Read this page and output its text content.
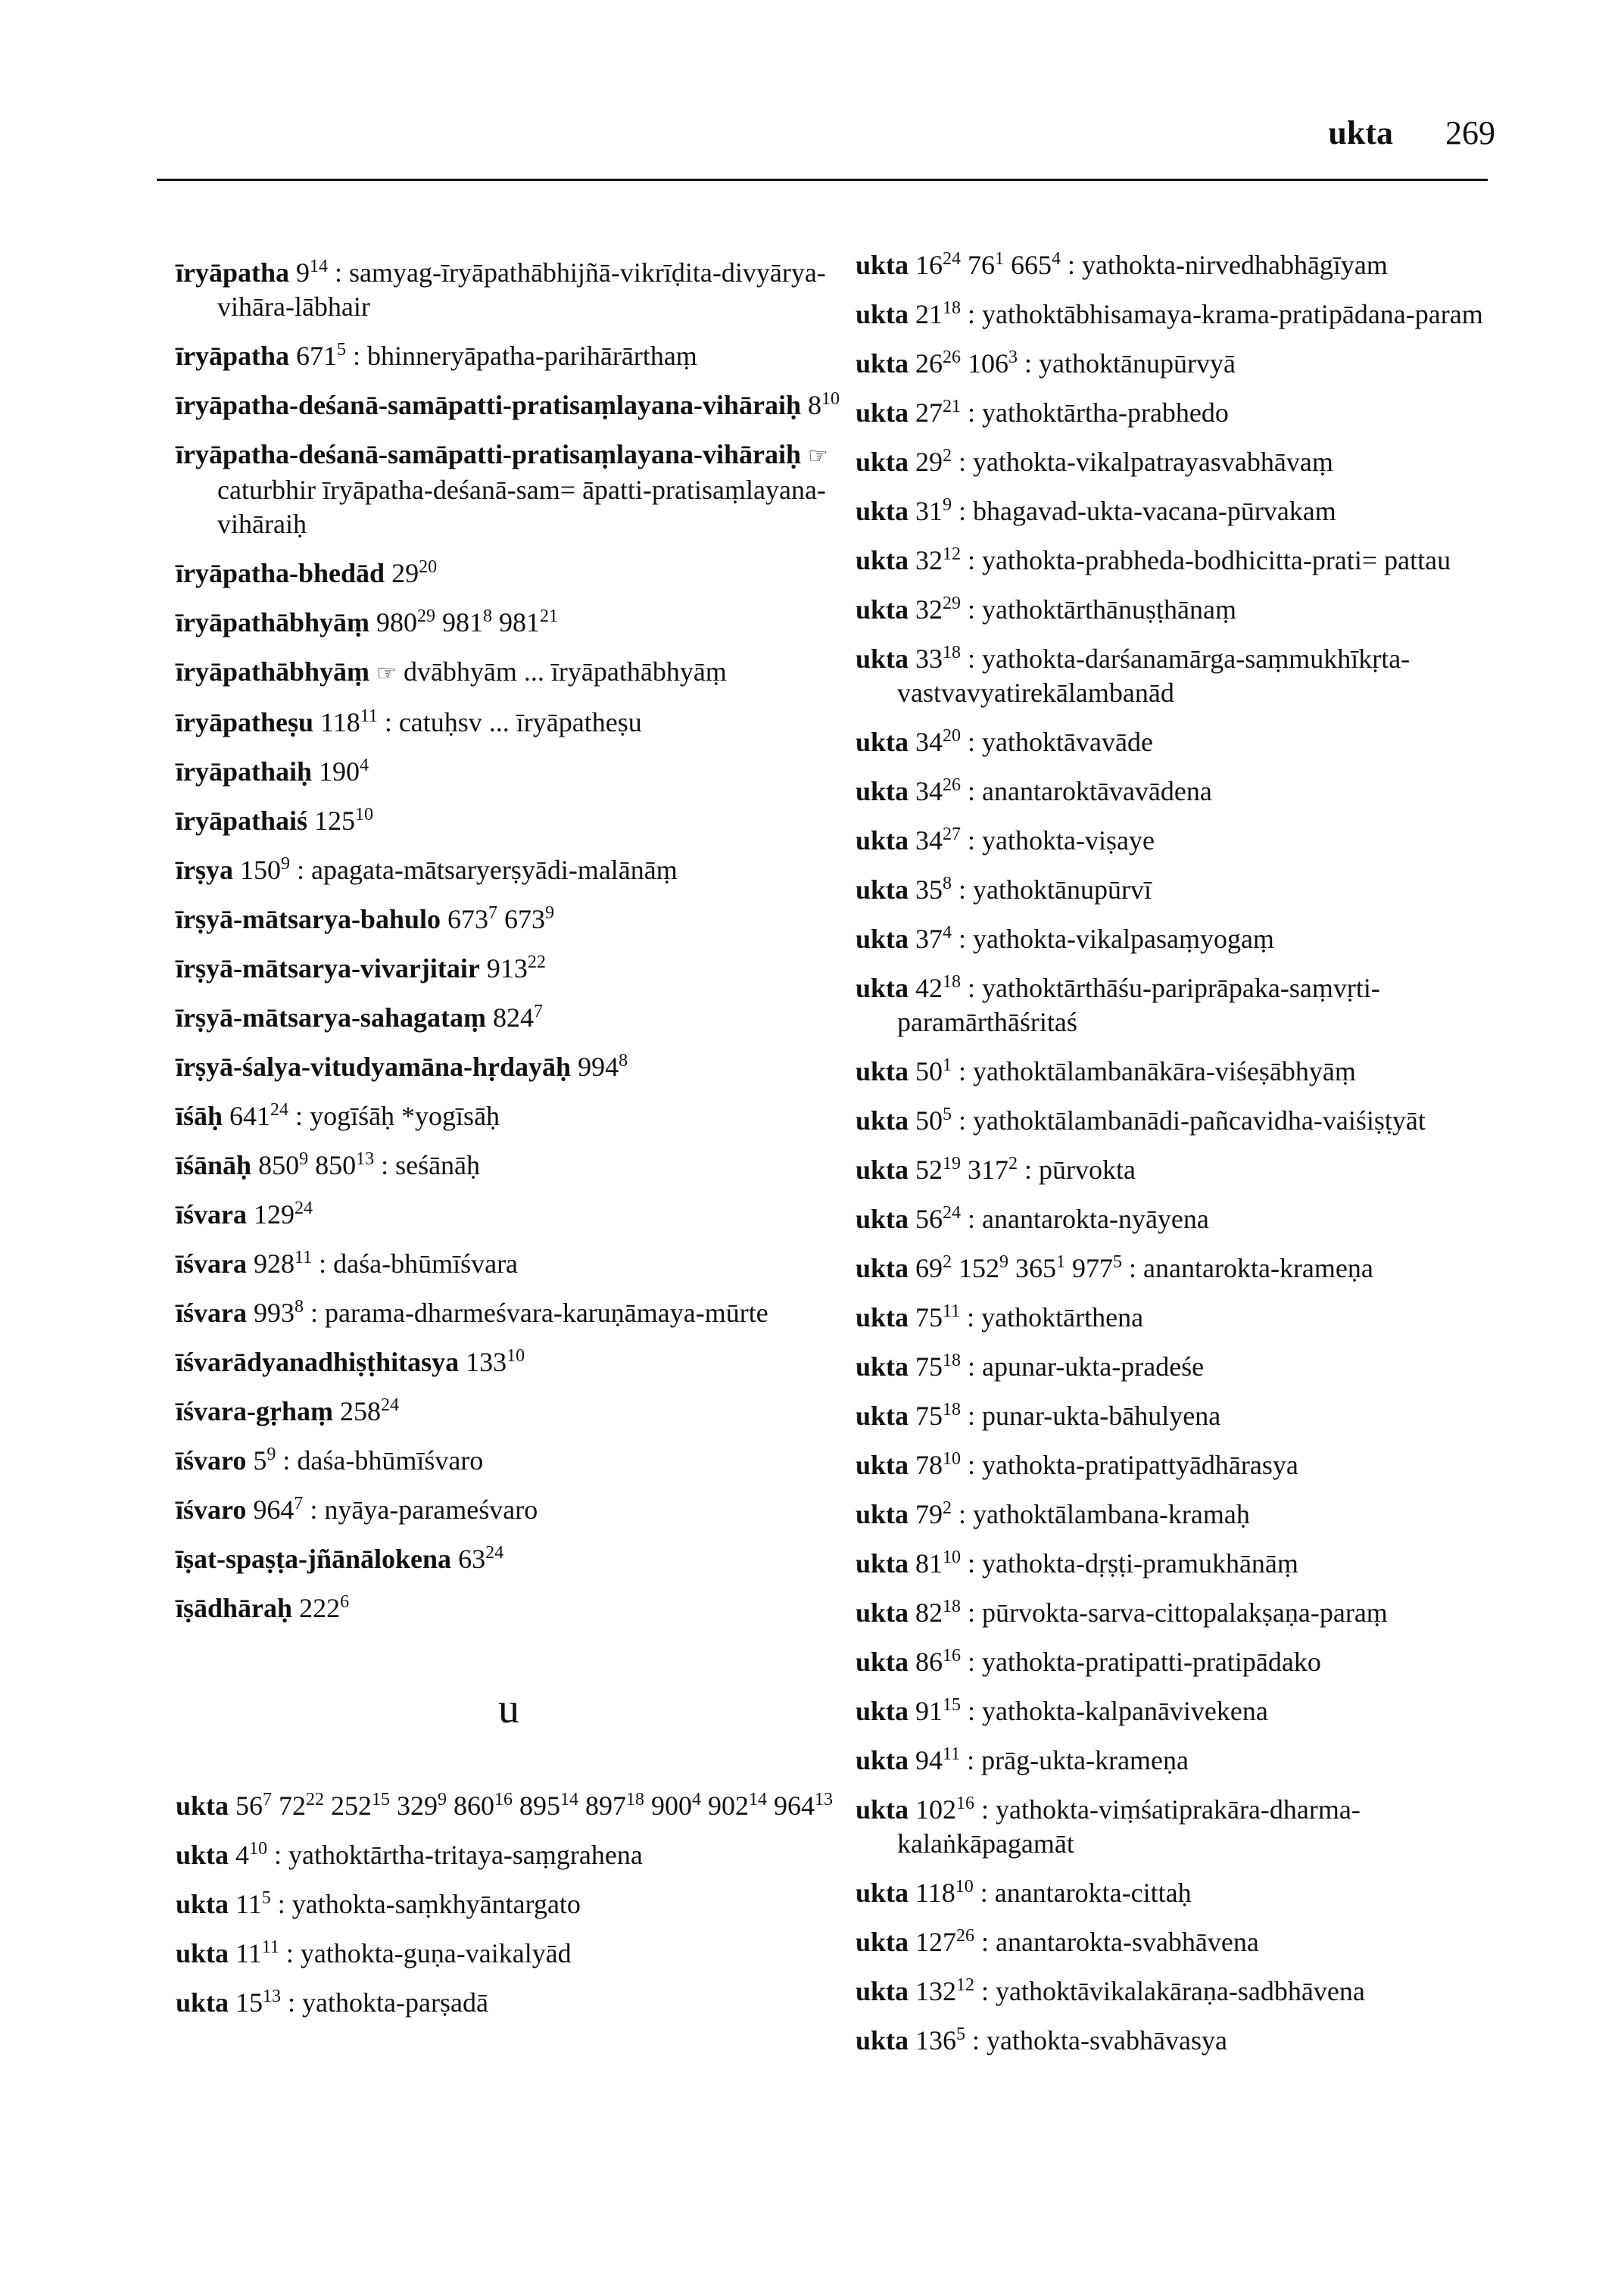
ukta 269
īryāpatha $9^{14}$ : samyag-īryāpathābhijñā-vikrīḍita-divyārya-vihāra-lābhair
īryāpatha $671^5$ : bhinneryāpatha-parihārārthaṃ
īryāpatha-deśanā-samāpatti-pratisaṃlayana-vihāraiḥ $8^{10}$
īryāpatha-deśanā-samāpatti-pratisaṃlayana-vihāraiḥ ☞ caturbhir īryāpatha-deśanā-sam= āpatti-pratisaṃlayana-vihāraiḥ
īryāpatha-bhedād $29^{20}$
īryāpathābhyāṃ $980^{29}$ $981^8$ $981^{21}$
īryāpathābhyāṃ ☞ dvābhyām ... īryāpathābhyāṃ
īryāpatheṣu $118^{11}$ : catuḥsv ... īryāpatheṣu
īryāpathaiḥ $190^4$
īryāpathaiś $125^{10}$
īrṣya $150^9$ : apagata-mātsaryerṣyādi-malānāṃ
īrṣyā-mātsarya-bahulo $673^7$ $673^9$
īrṣyā-mātsarya-vivarjitair $913^{22}$
īrṣyā-mātsarya-sahagataṃ $824^7$
īrṣyā-śalya-vitudyamāna-hṛdayāḥ $994^8$
īśāḥ $641^{24}$ : yogīśāḥ *yogīsāḥ
īśānāḥ $850^9$ $850^{13}$ : seśānāḥ
īśvara $129^{24}$
īśvara $928^{11}$ : daśa-bhūmīśvara
īśvara $993^8$ : parama-dharmeśvara-karuṇāmaya-mūrte
īśvarādyanadhiṣṭhitasya $133^{10}$
īśvara-gṛhaṃ $258^{24}$
īśvaro $5^9$ : daśa-bhūmīśvaro
īśvaro $964^7$ : nyāya-parameśvaro
īṣat-spaṣṭa-jñānālokena $63^{24}$
īṣādhāraḥ $222^6$
u
ukta $56^7$ $72^{22}$ $252^{15}$ $329^9$ $860^{16}$ $895^{14}$ $897^{18}$ $900^4$ $902^{14}$ $964^{13}$
ukta $4^{10}$ : yathoktārtha-tritaya-saṃgrahena
ukta $11^5$ : yathokta-saṃkhyāntargato
ukta $11^{11}$ : yathokta-guṇa-vaikalyād
ukta $15^{13}$ : yathokta-parṣadā
ukta $16^{24}$ $76^1$ $665^4$ : yathokta-nirvedhabhāgīyam
ukta $21^{18}$ : yathoktābhisamaya-krama-pratipādana-param
ukta $26^{26}$ $106^3$ : yathoktānupūrvyā
ukta $27^{21}$ : yathoktārtha-prabhedo
ukta $29^2$ : yathokta-vikalpatrayasvabhāvaṃ
ukta $31^9$ : bhagavad-ukta-vacana-pūrvakam
ukta $32^{12}$ : yathokta-prabheda-bodhicitta-prati= pattau
ukta $32^{29}$ : yathoktārthānuṣṭhānaṃ
ukta $33^{18}$ : yathokta-darśanamārga-saṃmukhīkṛta-vastvavyatirekālambanād
ukta $34^{20}$ : yathoktāvavāde
ukta $34^{26}$ : anantaroktāvavādena
ukta $34^{27}$ : yathokta-viṣaye
ukta $35^8$ : yathoktānupūrvī
ukta $37^4$ : yathokta-vikalpasaṃyogaṃ
ukta $42^{18}$ : yathoktārthāśu-pariprāpaka-saṃvṛti-paramārthāśritaś
ukta $50^1$ : yathoktālambanākāra-viśeṣābhyāṃ
ukta $50^5$ : yathoktālambanādi-pañcavidha-vaiśiṣṭyāt
ukta $52^{19}$ $317^2$ : pūrvokta
ukta $56^{24}$ : anantarokta-nyāyena
ukta $69^2$ $152^9$ $365^1$ $977^5$ : anantarokta-krameṇa
ukta $75^{11}$ : yathoktārthena
ukta $75^{18}$ : apunar-ukta-pradeśe
ukta $75^{18}$ : punar-ukta-bāhulyena
ukta $78^{10}$ : yathokta-pratipattyādhārasya
ukta $79^2$ : yathoktālambana-kramaḥ
ukta $81^{10}$ : yathokta-dṛṣṭi-pramukhānāṃ
ukta $82^{18}$ : pūrvokta-sarva-cittopalakṣaṇa-paraṃ
ukta $86^{16}$ : yathokta-pratipatti-pratipādako
ukta $91^{15}$ : yathokta-kalpanāvivekena
ukta $94^{11}$ : prāg-ukta-krameṇa
ukta $102^{16}$ : yathokta-viṃśatiprakāra-dharma-kalaṅkāpagamāt
ukta $118^{10}$ : anantarokta-cittaḥ
ukta $127^{26}$ : anantarokta-svabhāvena
ukta $132^{12}$ : yathoktāvikalakāraṇa-sadbhāvena
ukta $136^5$ : yathokta-svabhāvasya
